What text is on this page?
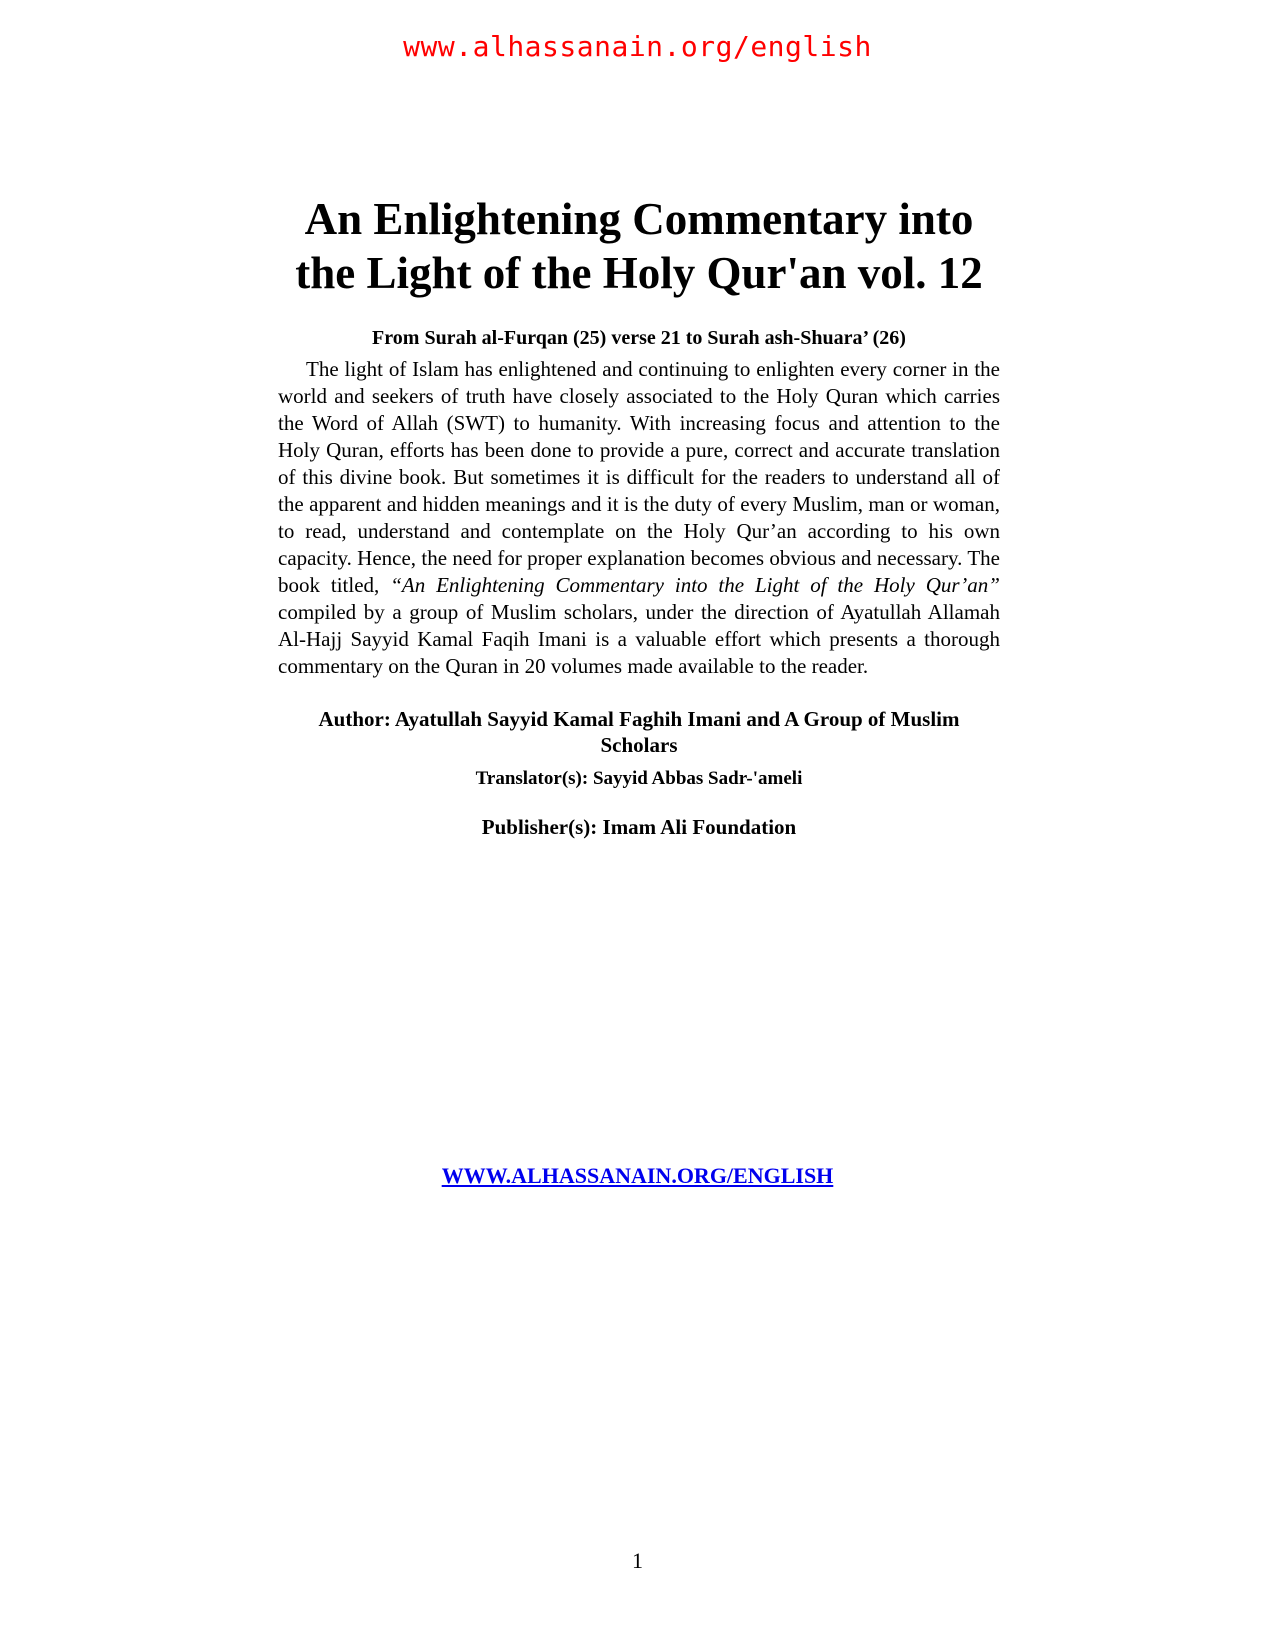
www.alhassanain.org/english
An Enlightening Commentary into the Light of the Holy Qur'an vol. 12
From Surah al-Furqan (25) verse 21 to Surah ash-Shuara’ (26)

The light of Islam has enlightened and continuing to enlighten every corner in the world and seekers of truth have closely associated to the Holy Quran which carries the Word of Allah (SWT) to humanity. With increasing focus and attention to the Holy Quran, efforts has been done to provide a pure, correct and accurate translation of this divine book. But sometimes it is difficult for the readers to understand all of the apparent and hidden meanings and it is the duty of every Muslim, man or woman, to read, understand and contemplate on the Holy Qur’an according to his own capacity. Hence, the need for proper explanation becomes obvious and necessary. The book titled, “An Enlightening Commentary into the Light of the Holy Qur’an” compiled by a group of Muslim scholars, under the direction of Ayatullah Allamah Al-Hajj Sayyid Kamal Faqih Imani is a valuable effort which presents a thorough commentary on the Quran in 20 volumes made available to the reader.

Author: Ayatullah Sayyid Kamal Faghih Imani and A Group of Muslim Scholars
Translator(s): Sayyid Abbas Sadr-'ameli
Publisher(s): Imam Ali Foundation
WWW.ALHASSANAIN.ORG/ENGLISH
1
